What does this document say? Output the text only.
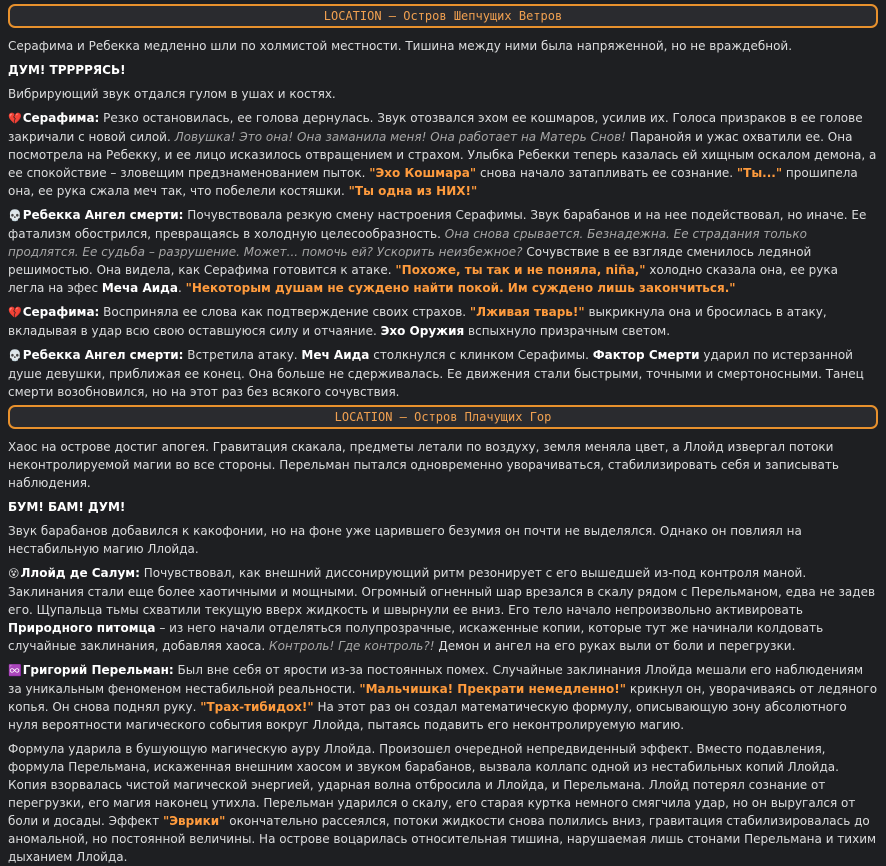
LOCATION – Остров Шепчущих Ветров

Серафима и Ребекка медленно шли по холмистой местности. Тишина между ними была напряженной, но не враждебной.

ДУМ! ТРРРРЯСЬ!

Вибрирующий звук отдался гулом в ушах и костях.

💔Серафима: Резко остановилась, ее голова дернулась. Звук отозвался эхом ее кошмаров, усилив их. Голоса призраков в ее голове закричали с новой силой. Ловушка! Это она! Она заманила меня! Она работает на Матерь Снов! Паранойя и ужас охватили ее. Она посмотрела на Ребекку, и ее лицо исказилось отвращением и страхом. Улыбка Ребекки теперь казалась ей хищным оскалом демона, а ее спокойствие – зловещим предзнаменованием пыток. "Эхо Кошмара" снова начало затапливать ее сознание. "Ты..." прошипела она, ее рука сжала меч так, что побелели костяшки. "Ты одна из НИХ!"

💀Ребекка Ангел смерти: Почувствовала резкую смену настроения Серафимы. Звук барабанов и на нее подействовал, но иначе. Ее фатализм обострился, превращаясь в холодную целесообразность. Она снова срывается. Безнадежна. Ее страдания только продлятся. Ее судьба – разрушение. Может... помочь ей? Ускорить неизбежное? Сочувствие в ее взгляде сменилось ледяной решимостью. Она видела, как Серафима готовится к атаке. "Похоже, ты так и не поняла, niña," холодно сказала она, ее рука легла на эфес Меча Аида. "Некоторым душам не суждено найти покой. Им суждено лишь закончиться."

💔Серафима: Восприняла ее слова как подтверждение своих страхов. "Лживая тварь!" выкрикнула она и бросилась в атаку, вкладывая в удар всю свою оставшуюся силу и отчаяние. Эхо Оружия вспыхнуло призрачным светом.

💀Ребекка Ангел смерти: Встретила атаку. Меч Аида столкнулся с клинком Серафимы. Фактор Смерти ударил по истерзанной душе девушки, приближая ее конец. Она больше не сдерживалась. Ее движения стали быстрыми, точными и смертоносными. Танец смерти возобновился, но на этот раз без всякого сочувствия.

LOCATION – Остров Плачущих Гор

Хаос на острове достиг апогея. Гравитация скакала, предметы летали по воздуху, земля меняла цвет, а Ллойд извергал потоки неконтролируемой магии во все стороны. Перельман пытался одновременно уворачиваться, стабилизировать себя и записывать наблюдения.

БУМ! БАМ! ДУМ!

Звук барабанов добавился к какофонии, но на фоне уже царившего безумия он почти не выделялся. Однако он повлиял на нестабильную магию Ллойда.

😵Ллойд де Салум: Почувствовал, как внешний диссонирующий ритм резонирует с его вышедшей из-под контроля маной. Заклинания стали еще более хаотичными и мощными. Огромный огненный шар врезался в скалу рядом с Перельманом, едва не задев его. Щупальца тьмы схватили текущую вверх жидкость и швырнули ее вниз. Его тело начало непроизвольно активировать Природного питомца – из него начали отделяться полупрозрачные, искаженные копии, которые тут же начинали колдовать случайные заклинания, добавляя хаоса. Контроль! Где контроль?! Демон и ангел на его руках выли от боли и перегрузки.

♾️Григорий Перельман: Был вне себя от ярости из-за постоянных помех. Случайные заклинания Ллойда мешали его наблюдениям за уникальным феноменом нестабильной реальности. "Мальчишка! Прекрати немедленно!" крикнул он, уворачиваясь от ледяного копья. Он снова поднял руку. "Трах-тибидох!" На этот раз он создал математическую формулу, описывающую зону абсолютного нуля вероятности магического события вокруг Ллойда, пытаясь подавить его неконтролируемую магию.

Формула ударила в бушующую магическую ауру Ллойда. Произошел очередной непредвиденный эффект. Вместо подавления, формула Перельмана, искаженная внешним хаосом и звуком барабанов, вызвала коллапс одной из нестабильных копий Ллойда. Копия взорвалась чистой магической энергией, ударная волна отбросила и Ллойда, и Перельмана. Ллойд потерял сознание от перегрузки, его магия наконец утихла. Перельман ударился о скалу, его старая куртка немного смягчила удар, но он выругался от боли и досады. Эффект "Эврики" окончательно рассеялся, потоки жидкости снова полились вниз, гравитация стабилизировалась до аномальной, но постоянной величины. На острове воцарилась относительная тишина, нарушаемая лишь стонами Перельмана и тихим дыханием Ллойда.
